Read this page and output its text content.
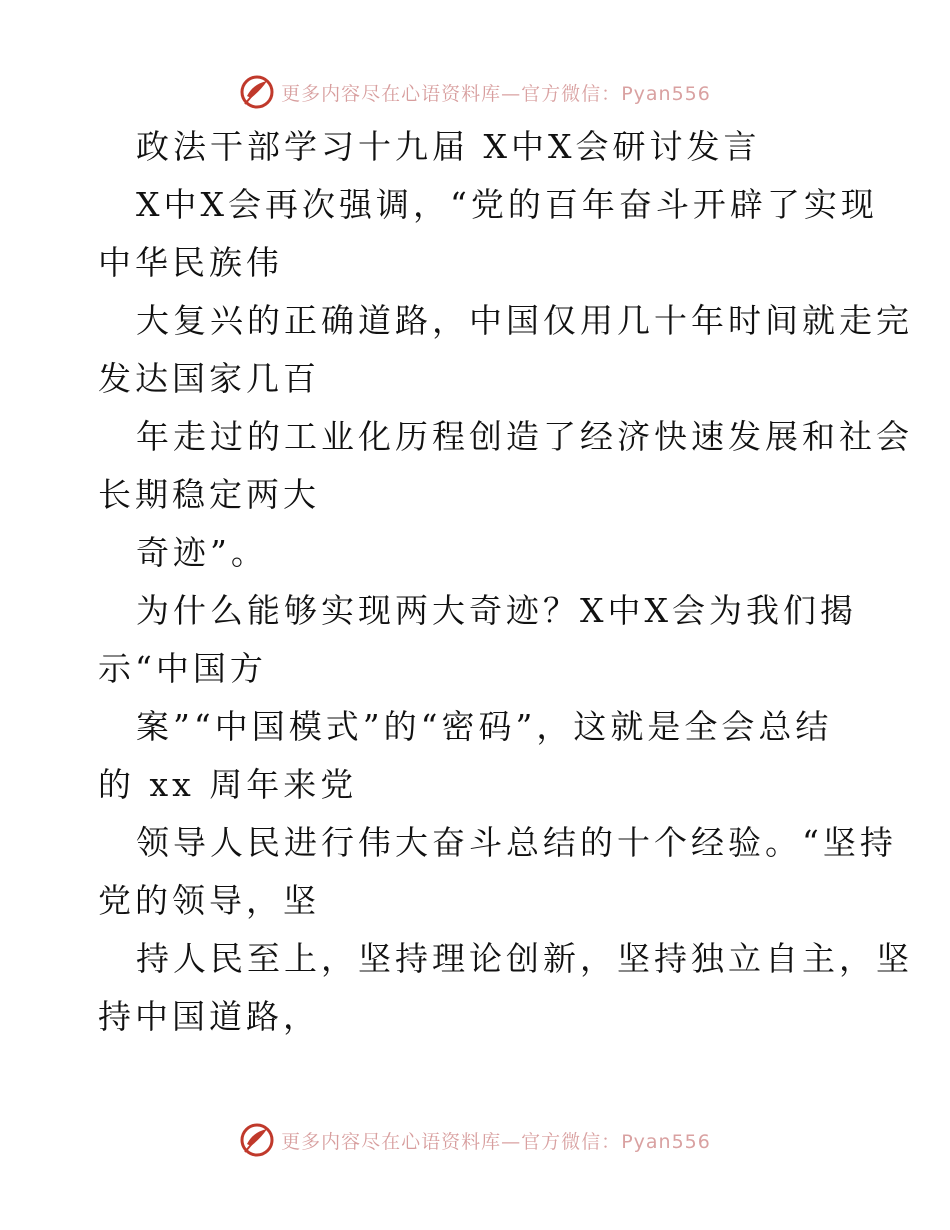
更多内容尽在心语资料库—官方微信：Pyan556
政法干部学习十九届 X中X会研讨发言
X中X会再次强调，“党的百年奋斗开辟了实现
中华民族伟
大复兴的正确道路，中国仅用几十年时间就走完
发达国家几百
年走过的工业化历程创造了经济快速发展和社会
长期稳定两大
奇迹”。
为什么能够实现两大奇迹？X中X会为我们揭
示“中国方
案”“中国模式”的“密码”，这就是全会总结
的 xx 周年来党
领导人民进行伟大奋斗总结的十个经验。“坚持
党的领导，坚
持人民至上，坚持理论创新，坚持独立自主，坚
持中国道路，
更多内容尽在心语资料库—官方微信：Pyan556
